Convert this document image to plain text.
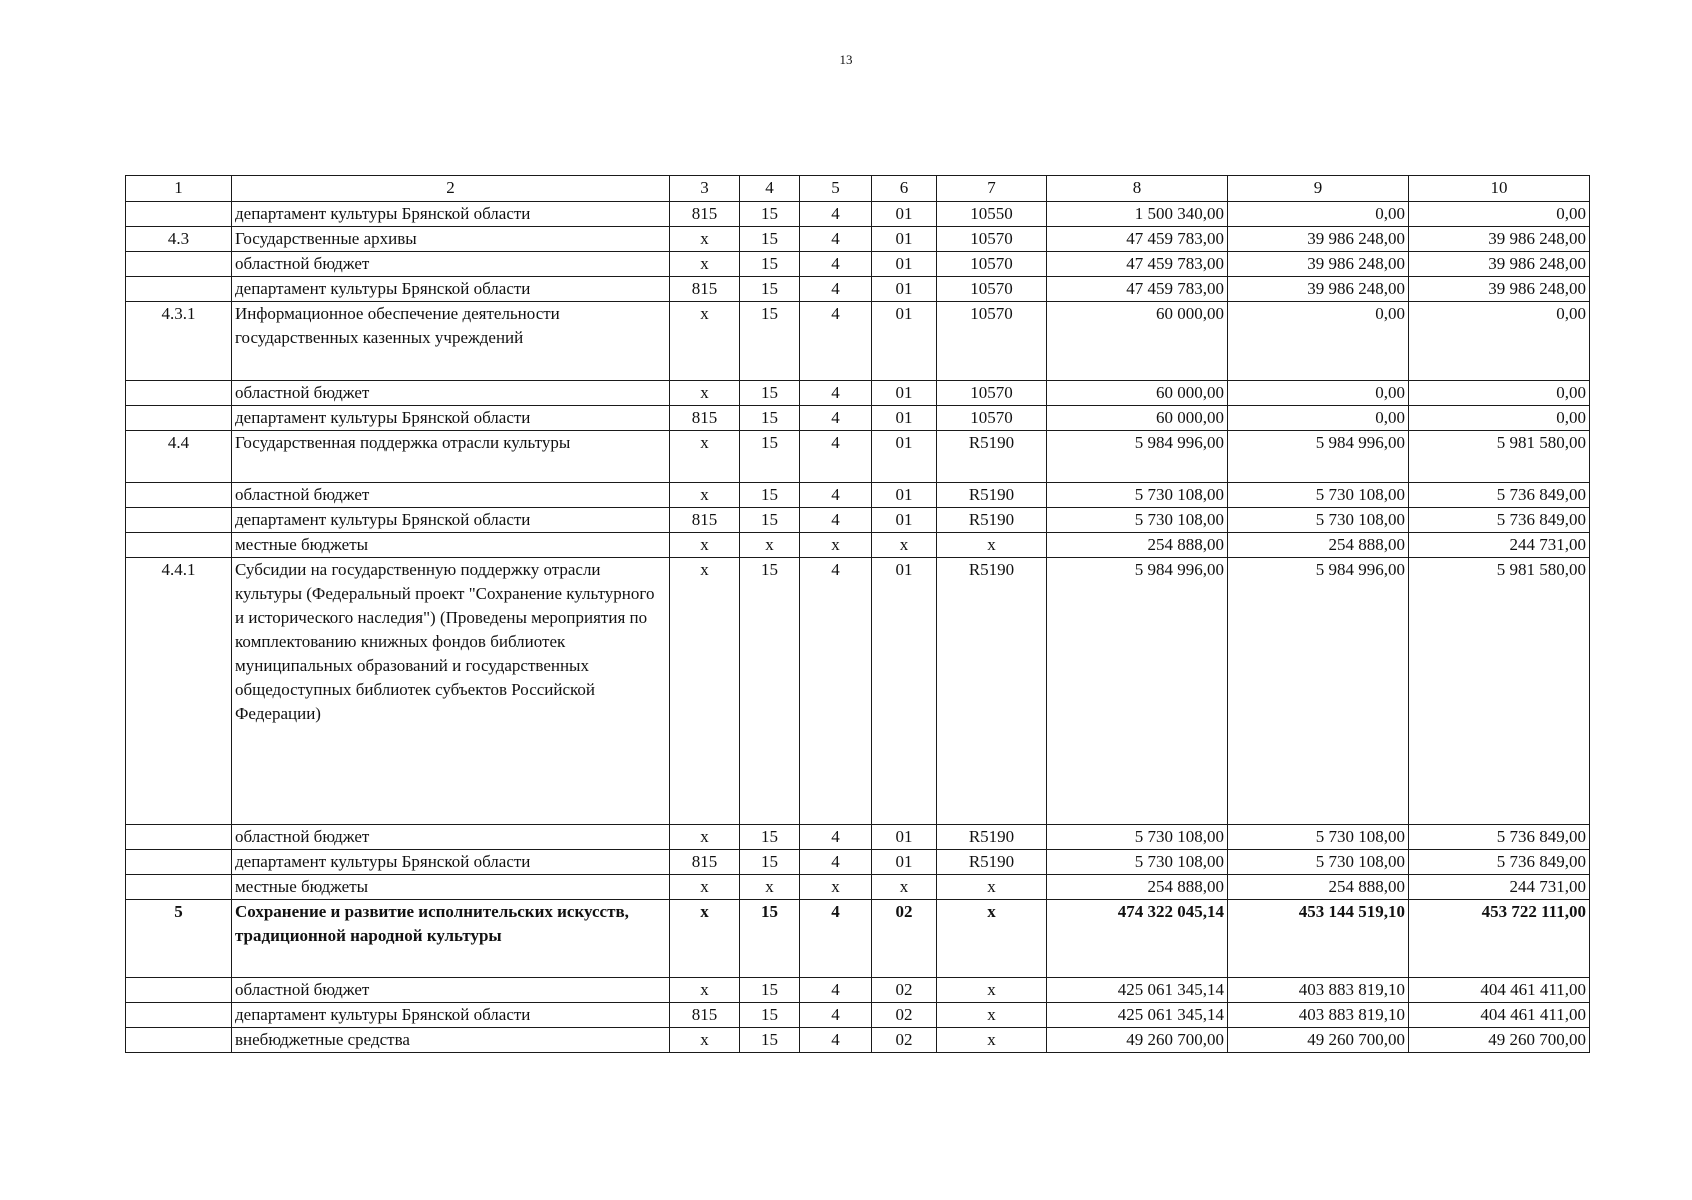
13
1	2	3	4	5	6	7	8	9	10
	департамент культуры Брянской области	815	15	4	01	10550	1 500 340,00	0,00	0,00
4.3	Государственные архивы	х	15	4	01	10570	47 459 783,00	39 986 248,00	39 986 248,00
	областной бюджет	х	15	4	01	10570	47 459 783,00	39 986 248,00	39 986 248,00
	департамент культуры Брянской области	815	15	4	01	10570	47 459 783,00	39 986 248,00	39 986 248,00
4.3.1	Информационное обеспечение деятельности государственных казенных учреждений	х	15	4	01	10570	60 000,00	0,00	0,00
	областной бюджет	х	15	4	01	10570	60 000,00	0,00	0,00
	департамент культуры Брянской области	815	15	4	01	10570	60 000,00	0,00	0,00
4.4	Государственная поддержка отрасли культуры	х	15	4	01	R5190	5 984 996,00	5 984 996,00	5 981 580,00
	областной бюджет	х	15	4	01	R5190	5 730 108,00	5 730 108,00	5 736 849,00
	департамент культуры Брянской области	815	15	4	01	R5190	5 730 108,00	5 730 108,00	5 736 849,00
	местные бюджеты	х	х	х	х	х	254 888,00	254 888,00	244 731,00
4.4.1	Субсидии на государственную поддержку отрасли культуры (Федеральный проект "Сохранение культурного и исторического наследия") (Проведены мероприятия по комплектованию книжных фондов библиотек муниципальных образований и государственных общедоступных библиотек субъектов Российской Федерации)	х	15	4	01	R5190	5 984 996,00	5 984 996,00	5 981 580,00
	областной бюджет	х	15	4	01	R5190	5 730 108,00	5 730 108,00	5 736 849,00
	департамент культуры Брянской области	815	15	4	01	R5190	5 730 108,00	5 730 108,00	5 736 849,00
	местные бюджеты	х	х	х	х	х	254 888,00	254 888,00	244 731,00
5	Сохранение и развитие исполнительских искусств, традиционной народной культуры	х	15	4	02	х	474 322 045,14	453 144 519,10	453 722 111,00
	областной бюджет	х	15	4	02	х	425 061 345,14	403 883 819,10	404 461 411,00
	департамент культуры Брянской области	815	15	4	02	х	425 061 345,14	403 883 819,10	404 461 411,00
	внебюджетные средства	х	15	4	02	х	49 260 700,00	49 260 700,00	49 260 700,00
